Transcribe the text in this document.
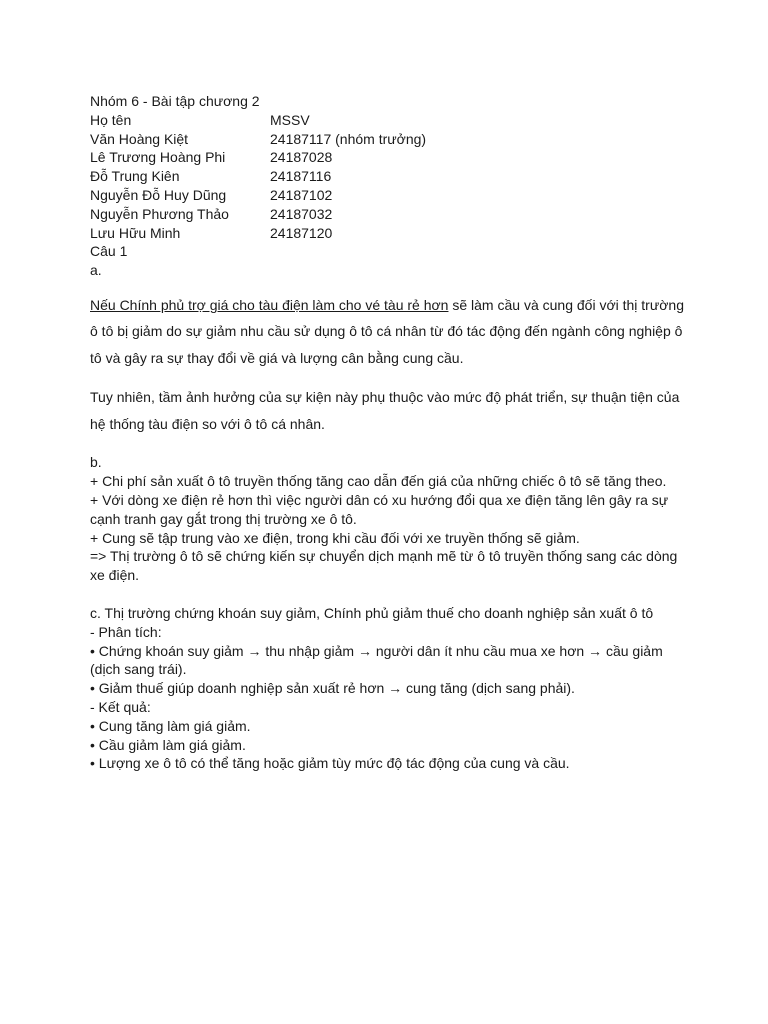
Nhóm 6 - Bài tập chương 2
Họ tên	MSSV
Văn Hoàng Kiệt	24187117 (nhóm trưởng)
Lê Trương Hoàng Phi	24187028
Đỗ Trung Kiên	24187116
Nguyễn Đỗ Huy Dũng	24187102
Nguyễn Phương Thảo	24187032
Lưu Hữu Minh	24187120
Câu 1
a.
Nếu Chính phủ trợ giá cho tàu điện làm cho vé tàu rẻ hơn sẽ làm cầu và cung đối với thị trường
ô tô bị giảm do sự giảm nhu cầu sử dụng ô tô cá nhân từ đó tác động đến ngành công nghiệp ô
tô và gây ra sự thay đổi về giá và lượng cân bằng cung cầu.
Tuy nhiên, tầm ảnh hưởng của sự kiện này phụ thuộc vào mức độ phát triển, sự thuận tiện của
hệ thống tàu điện so với ô tô cá nhân.
b.
+ Chi phí sản xuất ô tô truyền thống tăng cao dẫn đến giá của những chiếc ô tô sẽ tăng theo.
+ Với dòng xe điện rẻ hơn thì việc người dân có xu hướng đổi qua xe điện tăng lên gây ra sự
cạnh tranh gay gắt trong thị trường xe ô tô.
+ Cung sẽ tập trung vào xe điện, trong khi cầu đối với xe truyền thống sẽ giảm.
=> Thị trường ô tô sẽ chứng kiến sự chuyển dịch mạnh mẽ từ ô tô truyền thống sang các dòng
xe điện.
c. Thị trường chứng khoán suy giảm, Chính phủ giảm thuế cho doanh nghiệp sản xuất ô tô
- Phân tích:
• Chứng khoán suy giảm → thu nhập giảm → người dân ít nhu cầu mua xe hơn → cầu giảm
(dịch sang trái).
• Giảm thuế giúp doanh nghiệp sản xuất rẻ hơn → cung tăng (dịch sang phải).
- Kết quả:
• Cung tăng làm giá giảm.
• Cầu giảm làm giá giảm.
• Lượng xe ô tô có thể tăng hoặc giảm tùy mức độ tác động của cung và cầu.
